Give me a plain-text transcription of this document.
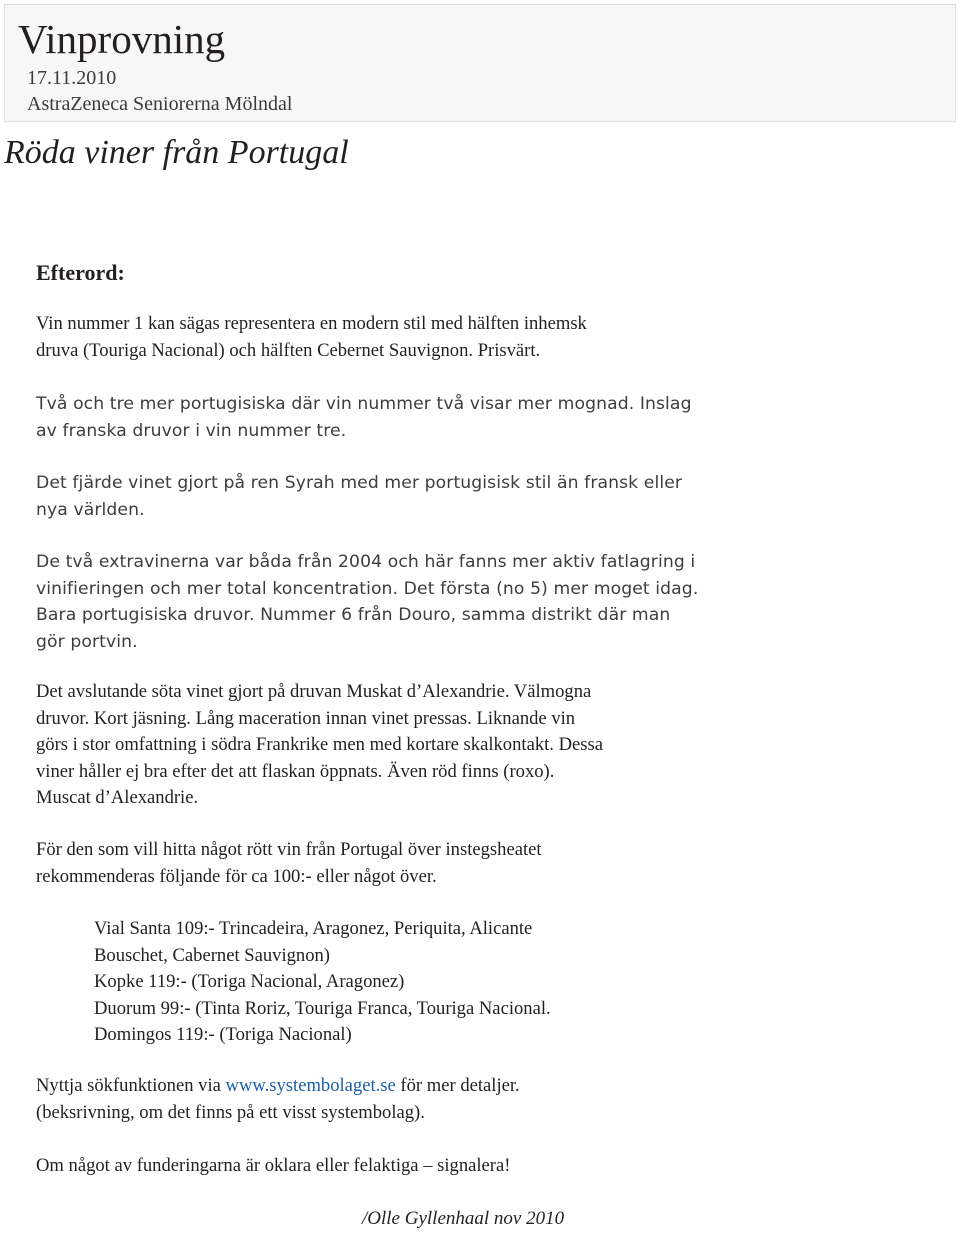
Vinprovning
17.11.2010
AstraZeneca Seniorerna Mölndal
Röda viner från Portugal
Efterord:

Vin nummer 1 kan sägas representera en modern stil med hälften inhemsk
druva (Touriga Nacional) och hälften Cebernet Sauvignon. Prisvärt.

Två och tre mer portugisiska där vin nummer två visar mer mognad. Inslag
av franska druvor i vin nummer tre.

Det fjärde vinet gjort på ren Syrah med mer portugisisk stil än fransk eller
nya världen.

De två extravinerna var båda från 2004 och här fanns mer aktiv fatlagring i
vinifieringen och mer total koncentration. Det första (no 5) mer moget idag.
Bara portugisiska druvor. Nummer 6 från Douro, samma distrikt där man
gör portvin.

Det avslutande söta vinet gjort på druvan Muskat d’Alexandrie. Välmogna
druvor. Kort jäsning. Lång maceration innan vinet pressas. Liknande vin
görs i stor omfattning i södra Frankrike men med kortare skalkontakt. Dessa
viner håller ej bra efter det att flaskan öppnats. Även röd finns (roxo).
Muscat d’Alexandrie.

För den som vill hitta något rött vin från Portugal över instegsheatet
rekommenderas följande för ca 100:- eller något över.

Vial Santa 109:- Trincadeira, Aragonez, Periquita, Alicante
Bouschet, Cabernet Sauvignon)
Kopke 119:- (Toriga Nacional, Aragonez)
Duorum 99:- (Tinta Roriz, Touriga Franca, Touriga Nacional.
Domingos 119:- (Toriga Nacional)

Nyttja sökfunktionen via www.systembolaget.se för mer detaljer.
(beksrivning, om det finns på ett visst systembolag).

Om något av funderingarna är oklara eller felaktiga – signalera!

/Olle Gyllenhaal nov 2010
